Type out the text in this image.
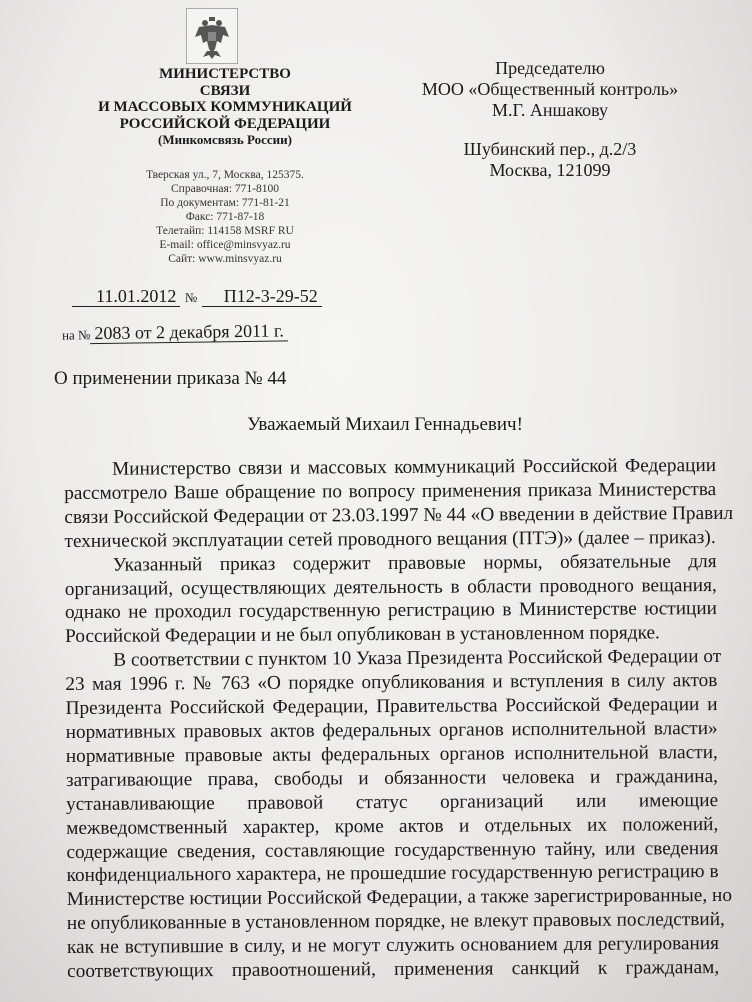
МИНИСТЕРСТВО
СВЯЗИ
И МАССОВЫХ КОММУНИКАЦИЙ
РОССИЙСКОЙ ФЕДЕРАЦИИ
(Минкомсвязь России)
Тверская ул., 7, Москва, 125375.
Справочная: 771-8100
По документам: 771-81-21
Факс: 771-87-18
Телетайп: 114158 MSRF RU
E-mail: office@minsvyaz.ru
Сайт: www.minsvyaz.ru
11.01.2012 № П12-3-29-52
на № 2083 от 2 декабря 2011 г.
Председателю
МОО «Общественный контроль»
М.Г. Аншакову
Шубинский пер., д.2/3
Москва, 121099
О применении приказа № 44
Уважаемый Михаил Геннадьевич!
Министерство связи и массовых коммуникаций Российской Федерации
рассмотрело Ваше обращение по вопросу применения приказа Министерства
связи Российской Федерации от 23.03.1997 № 44 «О введении в действие Правил
технической эксплуатации сетей проводного вещания (ПТЭ)» (далее – приказ).
Указанный приказ содержит правовые нормы, обязательные для
организаций, осуществляющих деятельность в области проводного вещания,
однако не проходил государственную регистрацию в Министерстве юстиции
Российской Федерации и не был опубликован в установленном порядке.
В соответствии с пунктом 10 Указа Президента Российской Федерации от
23 мая 1996 г. № 763 «О порядке опубликования и вступления в силу актов
Президента Российской Федерации, Правительства Российской Федерации и
нормативных правовых актов федеральных органов исполнительной власти»
нормативные правовые акты федеральных органов исполнительной власти,
затрагивающие права, свободы и обязанности человека и гражданина,
устанавливающие правовой статус организаций или имеющие
межведомственный характер, кроме актов и отдельных их положений,
содержащие сведения, составляющие государственную тайну, или сведения
конфиденциального характера, не прошедшие государственную регистрацию в
Министерстве юстиции Российской Федерации, а также зарегистрированные, но
не опубликованные в установленном порядке, не влекут правовых последствий,
как не вступившие в силу, и не могут служить основанием для регулирования
соответствующих правоотношений, применения санкций к гражданам,
